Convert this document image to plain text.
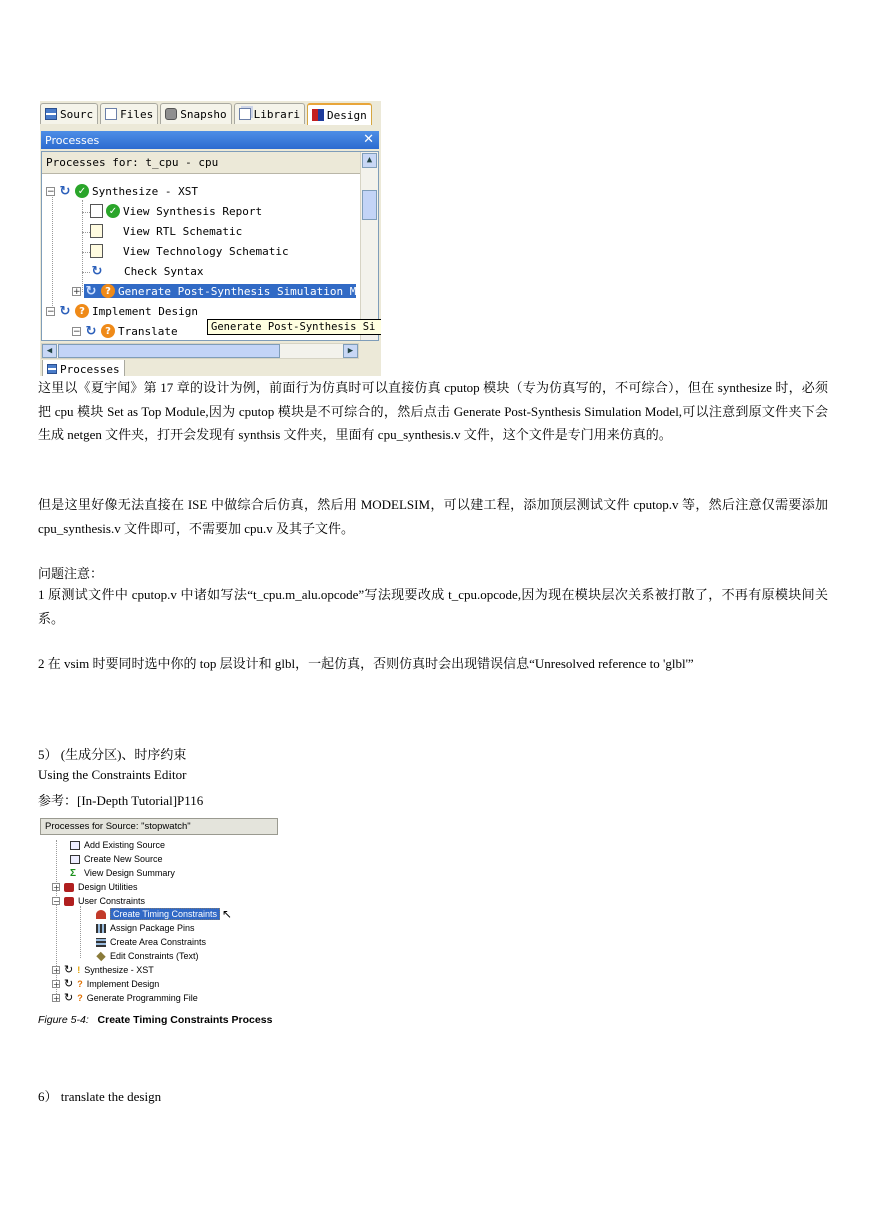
Sourc Files Snapsho Librari Design
Processes	✕
Processes for: t_cpu - cpu	▲
− ↻ ✓ Synthesize - XST
✓ View Synthesis Report
View RTL Schematic
View Technology Schematic
↻ Check Syntax
+ ↻ ? Generate Post-Synthesis Simulation M
− ↻ ? Implement Design
− ↻ ? Translate	Generate Post-Synthesis Si
◀	▶
Processes
这里以《夏宇闻》第 17 章的设计为例，前面行为仿真时可以直接仿真 cputop 模块（专为仿真写的，不可综合），但在 synthesize 时，必须把 cpu 模块 Set as Top Module,因为 cputop 模块是不可综合的，然后点击 Generate Post-Synthesis Simulation Model,可以注意到原文件夹下会生成 netgen 文件夹，打开会发现有 synthsis 文件夹，里面有 cpu_synthesis.v 文件，这个文件是专门用来仿真的。
但是这里好像无法直接在 ISE 中做综合后仿真，然后用 MODELSIM，可以建工程，添加顶层测试文件 cputop.v 等，然后注意仅需要添加 cpu_synthesis.v 文件即可，不需要加 cpu.v 及其子文件。
问题注意：
1 原测试文件中 cputop.v 中诸如写法“t_cpu.m_alu.opcode”写法现要改成 t_cpu.opcode,因为现在模块层次关系被打散了，不再有原模块间关系。
2 在 vsim 时要同时选中你的 top 层设计和 glbl，一起仿真，否则仿真时会出现错误信息“Unresolved reference to 'glbl'”
5） (生成分区)、时序约束
Using the Constraints Editor
参考：[In-Depth Tutorial]P116
Processes for Source: "stopwatch"
Add Existing Source
Create New Source
Σ View Design Summary
+ Design Utilities
− User Constraints
Create Timing Constraints ↖
Assign Package Pins
Create Area Constraints
Edit Constraints (Text)
+ ↻ ! Synthesize - XST
+ ↻ ? Implement Design
+ ↻ ? Generate Programming File
Figure 5-4: Create Timing Constraints Process
6） translate the design
